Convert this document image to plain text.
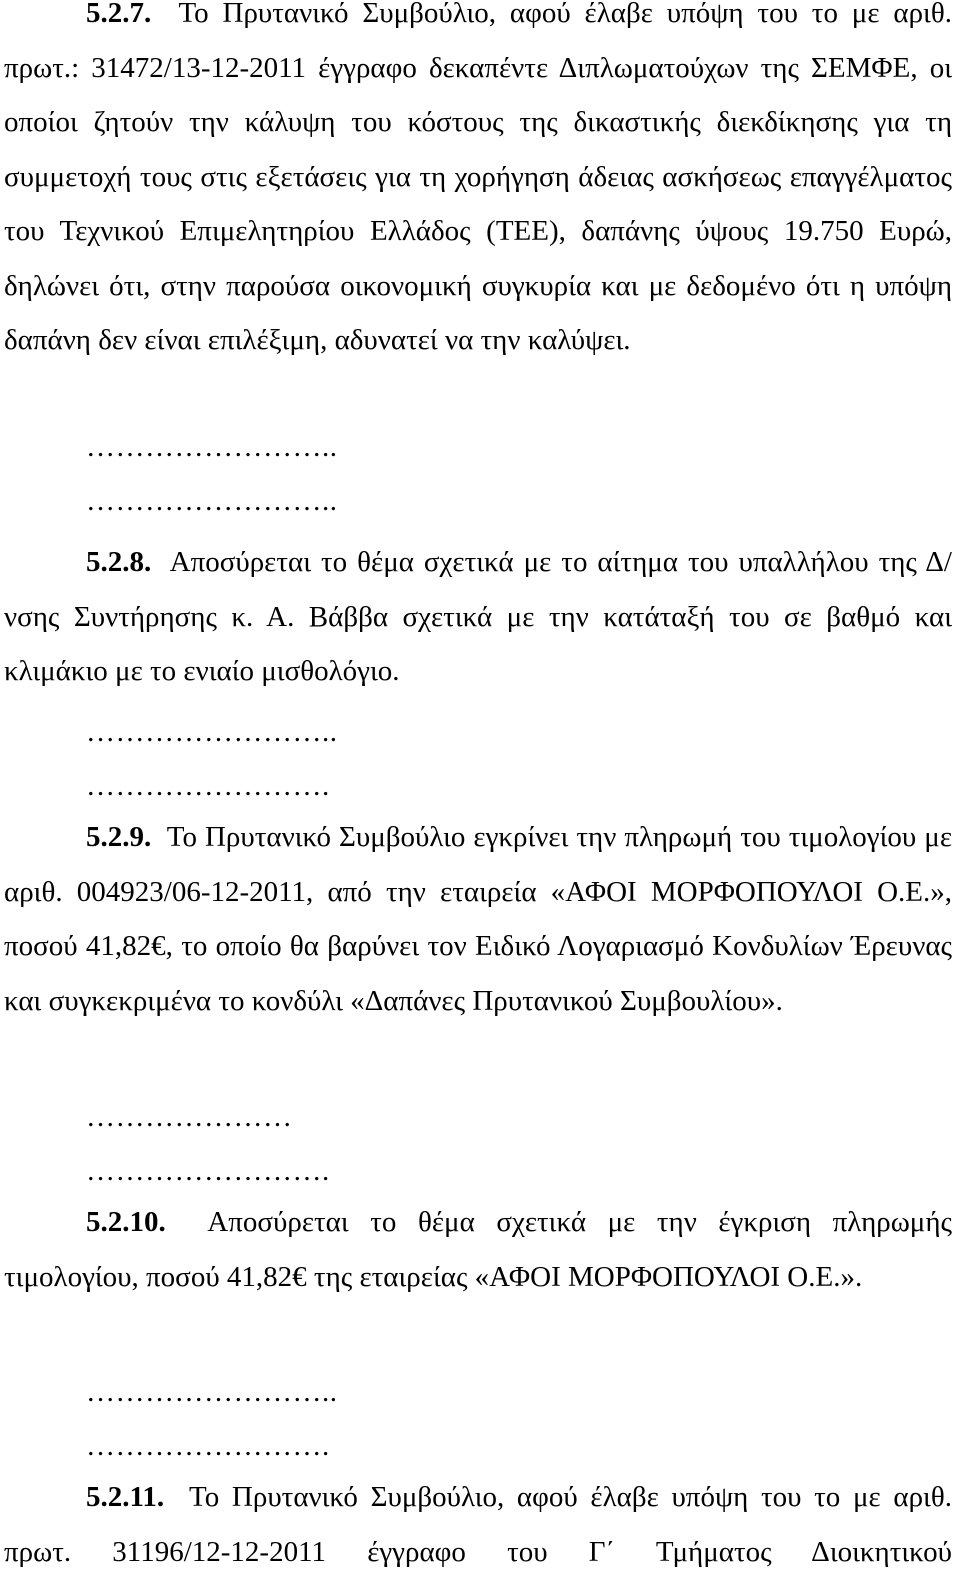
5.2.7. Το Πρυτανικό Συμβούλιο, αφού έλαβε υπόψη του το με αριθ. πρωτ.: 31472/13-12-2011 έγγραφο δεκαπέντε Διπλωματούχων της ΣΕΜΦΕ, οι οποίοι ζητούν την κάλυψη του κόστους της δικαστικής διεκδίκησης για τη συμμετοχή τους στις εξετάσεις για τη χορήγηση άδειας ασκήσεως επαγγέλματος του Τεχνικού Επιμελητηρίου Ελλάδος (ΤΕΕ), δαπάνης ύψους 19.750 Ευρώ, δηλώνει ότι, στην παρούσα οικονομική συγκυρία και με δεδομένο ότι η υπόψη δαπάνη δεν είναι επιλέξιμη, αδυνατεί να την καλύψει.

……………………..
……………………..

5.2.8. Αποσύρεται το θέμα σχετικά με το αίτημα του υπαλλήλου της Δ/νσης Συντήρησης κ. Α. Βάββα σχετικά με την κατάταξή του σε βαθμό και κλιμάκιο με το ενιαίο μισθολόγιο.

……………………..
…………………….

5.2.9. Το Πρυτανικό Συμβούλιο εγκρίνει την πληρωμή του τιμολογίου με αριθ. 004923/06-12-2011, από την εταιρεία «ΑΦΟΙ ΜΟΡΦΟΠΟΥΛΟΙ Ο.Ε.», ποσού 41,82€, το οποίο θα βαρύνει τον Ειδικό Λογαριασμό Κονδυλίων Έρευνας και συγκεκριμένα το κονδύλι «Δαπάνες Πρυτανικού Συμβουλίου».

…………………
…………………….

5.2.10. Αποσύρεται το θέμα σχετικά με την έγκριση πληρωμής τιμολογίου, ποσού 41,82€ της εταιρείας «ΑΦΟΙ ΜΟΡΦΟΠΟΥΛΟΙ Ο.Ε.».

……………………..
…………………….

5.2.11. Το Πρυτανικό Συμβούλιο, αφού έλαβε υπόψη του το με αριθ. πρωτ. 31196/12-12-2011 έγγραφο του Γ΄ Τμήματος Διοικητικού
